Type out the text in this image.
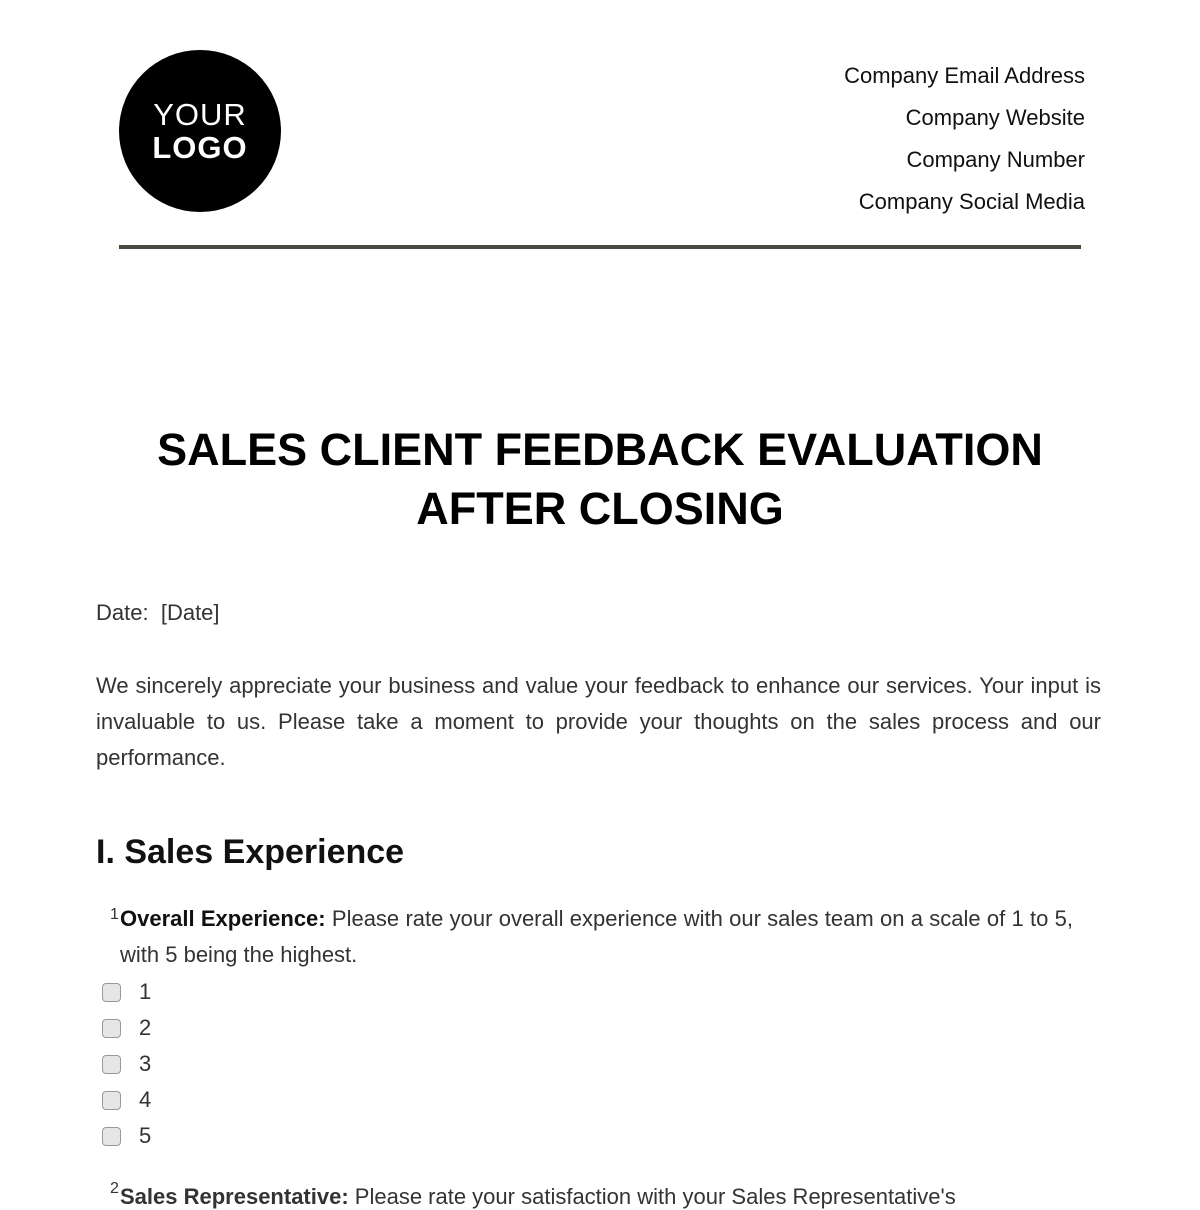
YOUR
LOGO
Company Email Address
Company Website
Company Number
Company Social Media
SALES CLIENT FEEDBACK EVALUATION
AFTER CLOSING
Date: [Date]
We sincerely appreciate your business and value your feedback to enhance our services. Your input is invaluable to us. Please take a moment to provide your thoughts on the sales process and our performance.
I. Sales Experience
1 Overall Experience: Please rate your overall experience with our sales team on a scale of 1 to 5, with 5 being the highest.
1
2
3
4
5
2 Sales Representative: Please rate your satisfaction with your Sales Representative's
